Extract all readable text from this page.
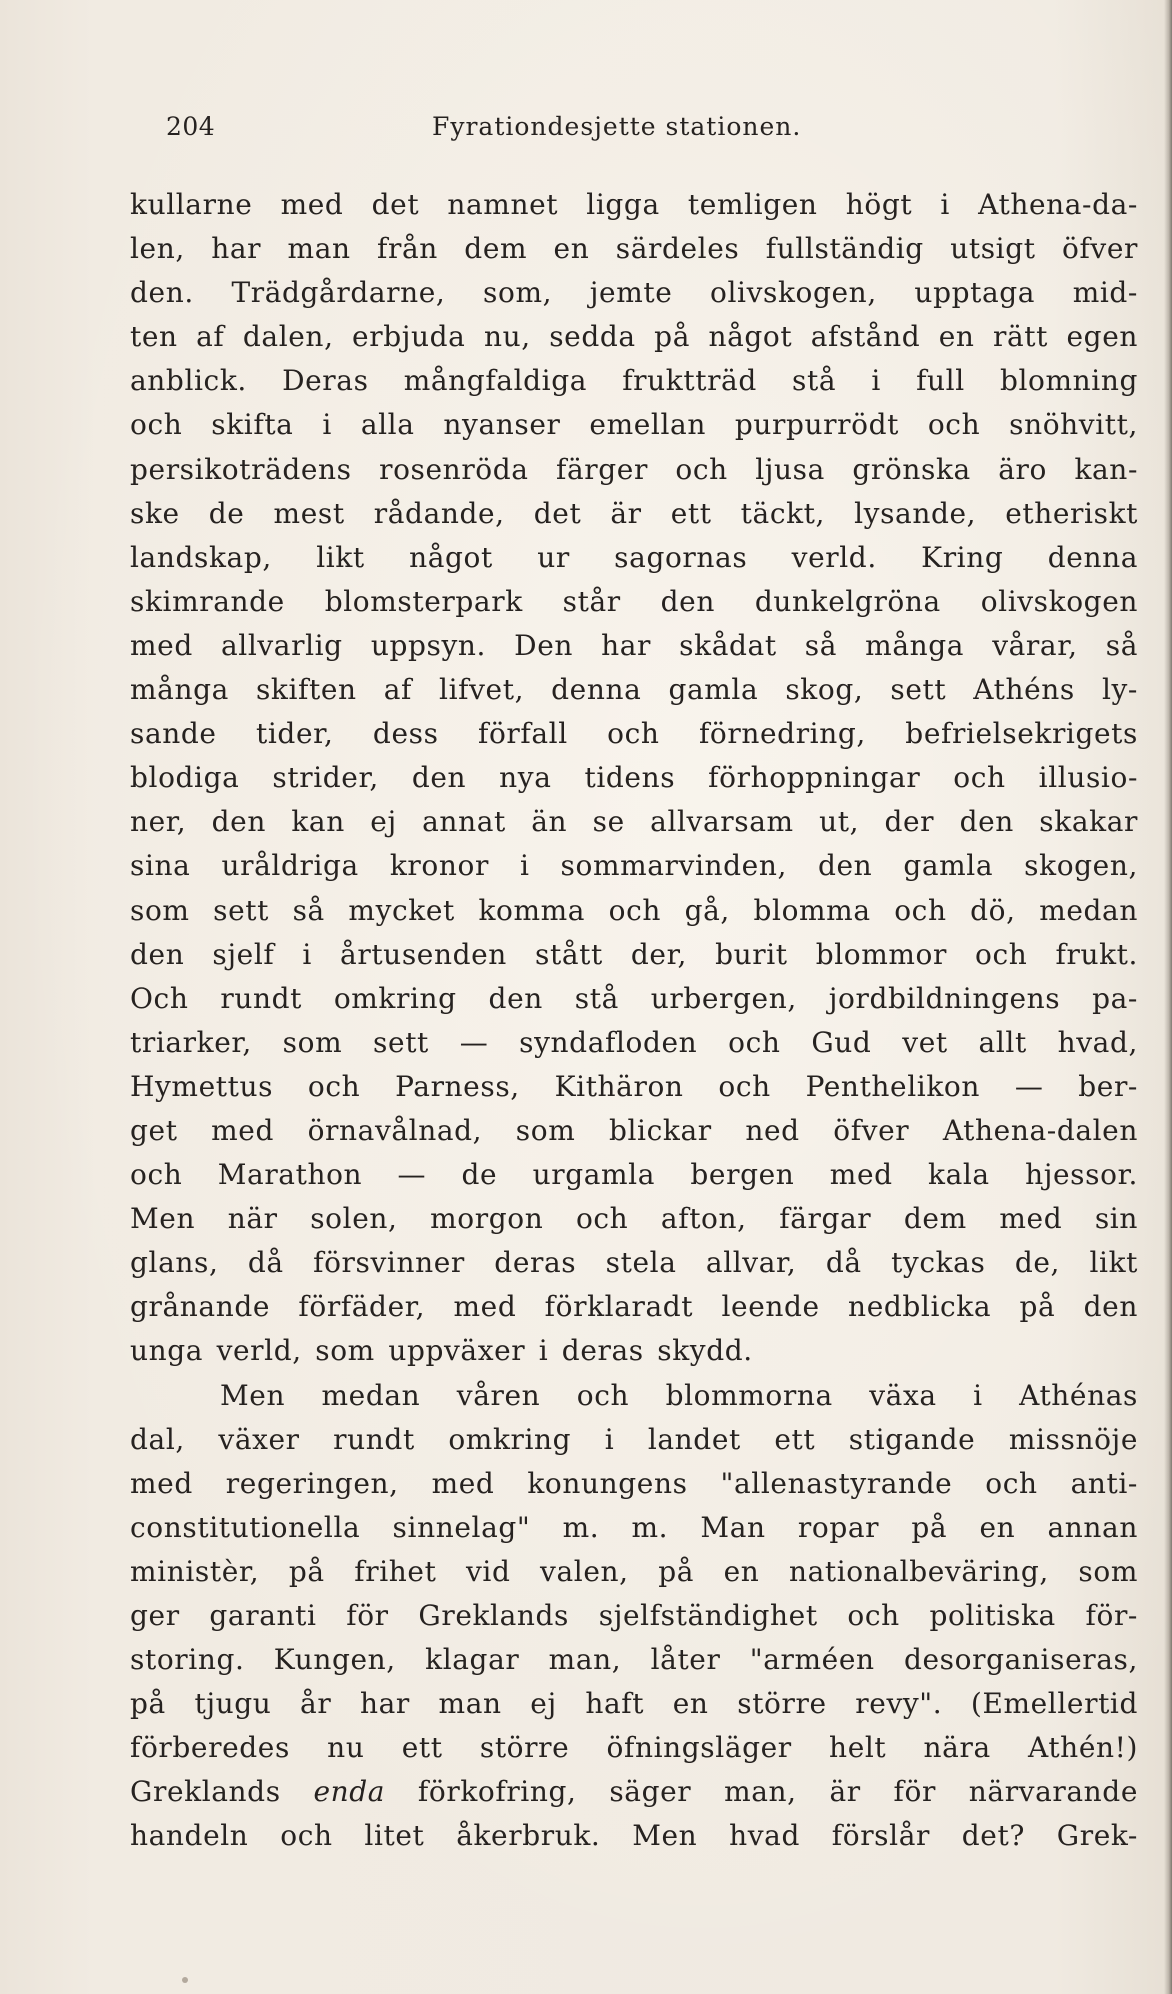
204	Fyrationdesjette stationen.
kullarne med det namnet ligga temligen högt i Athena-da-
len, har man från dem en särdeles fullständig utsigt öfver
den. Trädgårdarne, som, jemte olivskogen, upptaga mid-
ten af dalen, erbjuda nu, sedda på något afstånd en rätt egen
anblick. Deras mångfaldiga fruktträd stå i full blomning
och skifta i alla nyanser emellan purpurrödt och snöhvitt,
persikoträdens rosenröda färger och ljusa grönska äro kan-
ske de mest rådande, det är ett täckt, lysande, etheriskt
landskap, likt något ur sagornas verld. Kring denna
skimrande blomsterpark står den dunkelgröna olivskogen
med allvarlig uppsyn. Den har skådat så många vårar, så
många skiften af lifvet, denna gamla skog, sett Athéns ly-
sande tider, dess förfall och förnedring, befrielsekrigets
blodiga strider, den nya tidens förhoppningar och illusio-
ner, den kan ej annat än se allvarsam ut, der den skakar
sina uråldriga kronor i sommarvinden, den gamla skogen,
som sett så mycket komma och gå, blomma och dö, medan
den sjelf i årtusenden stått der, burit blommor och frukt.
Och rundt omkring den stå urbergen, jordbildningens pa-
triarker, som sett — syndafloden och Gud vet allt hvad,
Hymettus och Parness, Kithäron och Penthelikon — ber-
get med örnavålnad, som blickar ned öfver Athena-dalen
och Marathon — de urgamla bergen med kala hjessor.
Men när solen, morgon och afton, färgar dem med sin
glans, då försvinner deras stela allvar, då tyckas de, likt
grånande förfäder, med förklaradt leende nedblicka på den
unga verld, som uppväxer i deras skydd.
Men medan våren och blommorna växa i Athénas
dal, växer rundt omkring i landet ett stigande missnöje
med regeringen, med konungens "allenastyrande och anti-
constitutionella sinnelag" m. m. Man ropar på en annan
ministèr, på frihet vid valen, på en nationalbeväring, som
ger garanti för Greklands sjelfständighet och politiska för-
storing. Kungen, klagar man, låter "arméen desorganiseras,
på tjugu år har man ej haft en större revy". (Emellertid
förberedes nu ett större öfningsläger helt nära Athén!)
Greklands enda förkofring, säger man, är för närvarande
handeln och litet åkerbruk. Men hvad förslår det? Grek-
